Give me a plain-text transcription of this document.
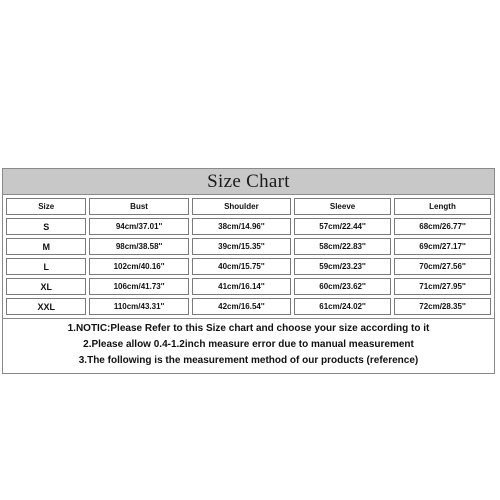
Size Chart
Size	Bust	Shoulder	Sleeve	Length
S	94cm/37.01''	38cm/14.96''	57cm/22.44''	68cm/26.77''
M	98cm/38.58''	39cm/15.35''	58cm/22.83''	69cm/27.17''
L	102cm/40.16''	40cm/15.75''	59cm/23.23''	70cm/27.56''
XL	106cm/41.73''	41cm/16.14''	60cm/23.62''	71cm/27.95''
XXL	110cm/43.31''	42cm/16.54''	61cm/24.02''	72cm/28.35''
1.NOTIC:Please Refer to this Size chart and choose your size according to it
2.Please allow 0.4-1.2inch measure error due to manual measurement
3.The following is the measurement method of our products (reference)
